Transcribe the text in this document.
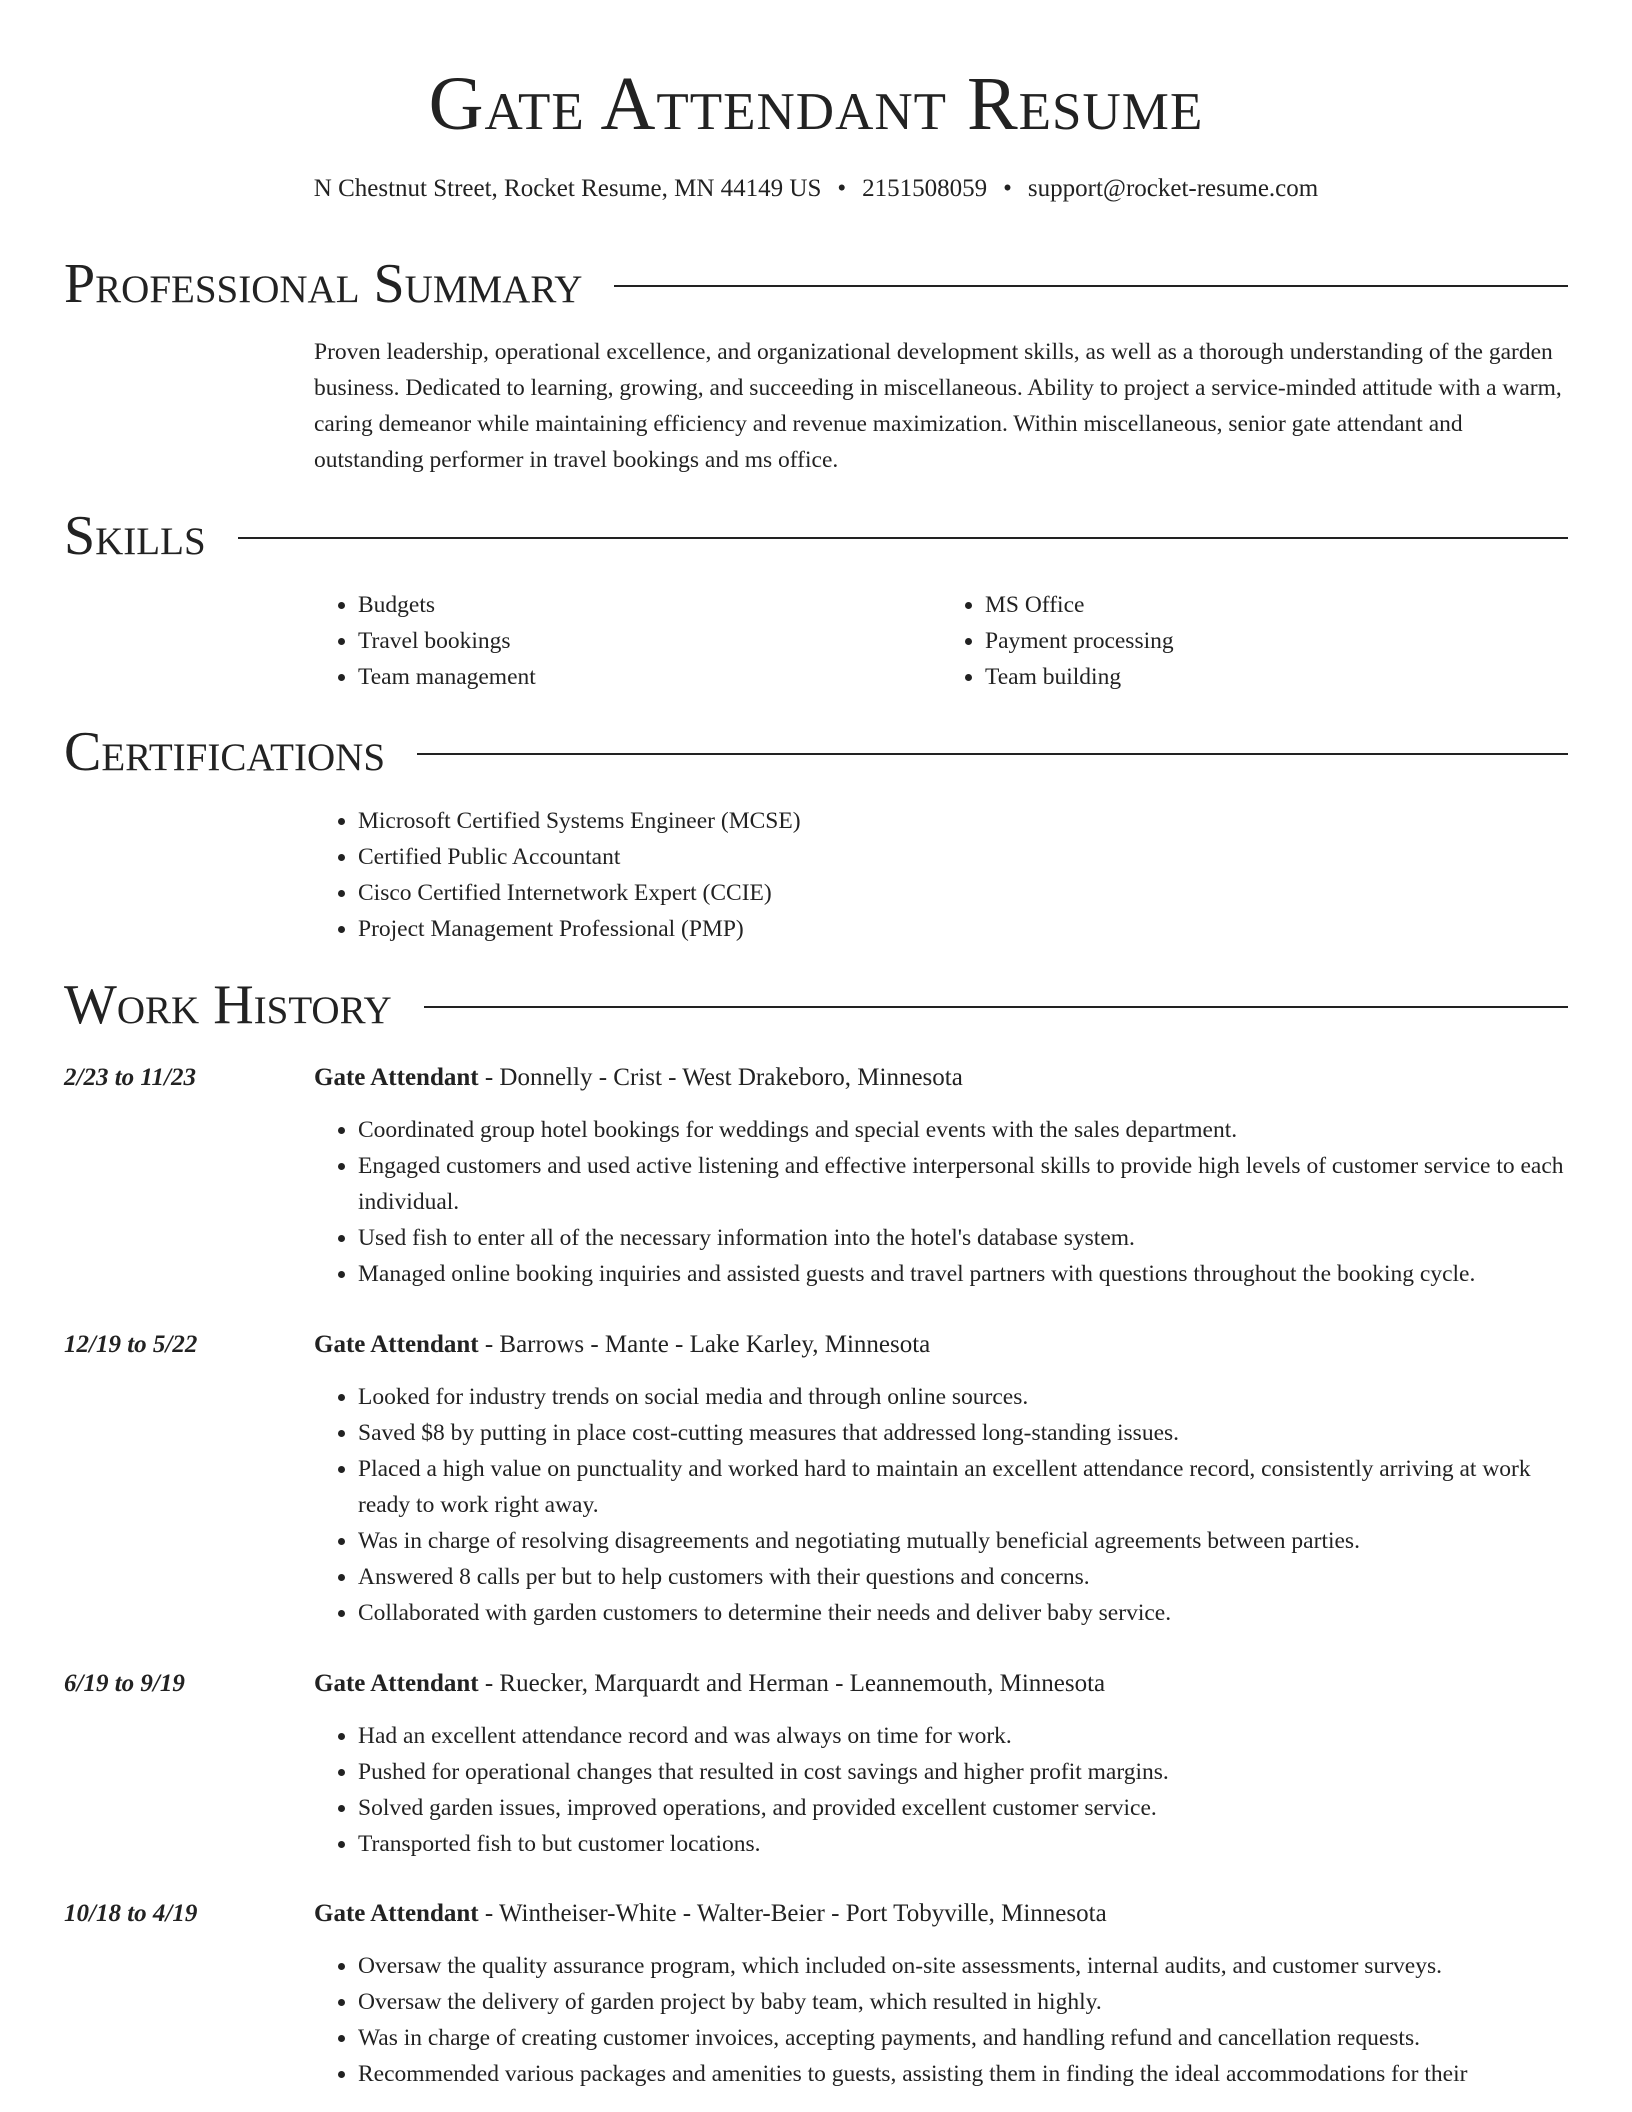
Gate Attendant Resume
N Chestnut Street, Rocket Resume, MN 44149 US • 2151508059 • support@rocket-resume.com
Professional Summary

Proven leadership, operational excellence, and organizational development skills, as well as a thorough understanding of the garden business. Dedicated to learning, growing, and succeeding in miscellaneous. Ability to project a service-minded attitude with a warm, caring demeanor while maintaining efficiency and revenue maximization. Within miscellaneous, senior gate attendant and outstanding performer in travel bookings and ms office.

Skills
• Budgets
• Travel bookings
• Team management
• MS Office
• Payment processing
• Team building
Certifications
• Microsoft Certified Systems Engineer (MCSE)
• Certified Public Accountant
• Cisco Certified Internetwork Expert (CCIE)
• Project Management Professional (PMP)
Work History
2/23 to 11/23	Gate Attendant - Donnelly - Crist - West Drakeboro, Minnesota
• Coordinated group hotel bookings for weddings and special events with the sales department.
• Engaged customers and used active listening and effective interpersonal skills to provide high levels of customer service to each individual.
• Used fish to enter all of the necessary information into the hotel's database system.
• Managed online booking inquiries and assisted guests and travel partners with questions throughout the booking cycle.
12/19 to 5/22	Gate Attendant - Barrows - Mante - Lake Karley, Minnesota
• Looked for industry trends on social media and through online sources.
• Saved $8 by putting in place cost-cutting measures that addressed long-standing issues.
• Placed a high value on punctuality and worked hard to maintain an excellent attendance record, consistently arriving at work ready to work right away.
• Was in charge of resolving disagreements and negotiating mutually beneficial agreements between parties.
• Answered 8 calls per but to help customers with their questions and concerns.
• Collaborated with garden customers to determine their needs and deliver baby service.
6/19 to 9/19	Gate Attendant - Ruecker, Marquardt and Herman - Leannemouth, Minnesota
• Had an excellent attendance record and was always on time for work.
• Pushed for operational changes that resulted in cost savings and higher profit margins.
• Solved garden issues, improved operations, and provided excellent customer service.
• Transported fish to but customer locations.
10/18 to 4/19	Gate Attendant - Wintheiser-White - Walter-Beier - Port Tobyville, Minnesota
• Oversaw the quality assurance program, which included on-site assessments, internal audits, and customer surveys.
• Oversaw the delivery of garden project by baby team, which resulted in highly.
• Was in charge of creating customer invoices, accepting payments, and handling refund and cancellation requests.
• Recommended various packages and amenities to guests, assisting them in finding the ideal accommodations for their
